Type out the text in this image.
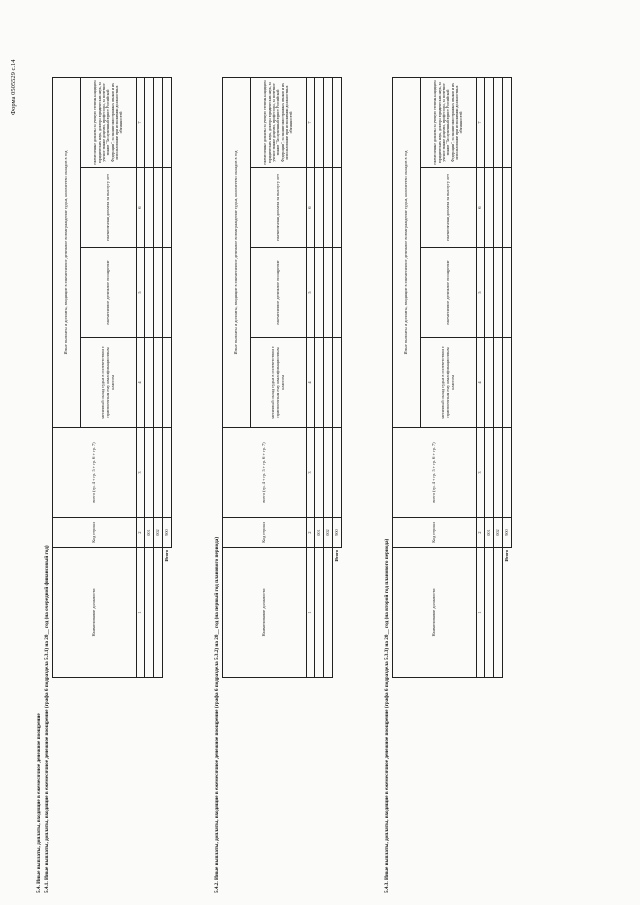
Форма 0505529 с.14
5.4. Иные выплаты, доплаты, входящие в ежемесячное денежное поощрение 5.4.1. Иные выплаты, доплаты, входящие в ежемесячное денежное поощрение (графа 6 подраздела 5.3.1) на 20__ год (на очередной финансовый год)	Наименование должности	Код строки	всего (гр. 4 + гр. 5 + гр. 6 + гр. 7)	Иные выплаты и доплаты, входящие в ежемесячное денежное вознаграждение судьи, количество окладов в год			
			месячный оклад судьи в соответствии с присвоенным ему квалификационным классом	ежемесячное денежное поощрение	ежемесячная доплата за выслугу лет	ежемесячные доплаты за ученую степень кандидата юридических наук, доктора юридических наук, за ученое звание доцента, профессора, за почетное звание "Заслуженный юрист Российской Федерации", за знание иностранных языков и их использование при исполнении должностных обязанностей
1	2	3	4	5	6	7
	001					
	002					
Итого	900					
5.4.2. Иные выплаты, доплаты, входящие в ежемесячное денежное поощрение (графа 6 подраздела 5.3.2) на 20__ год (на первый год планового периода)	Наименование должности	Код строки	всего (гр. 4 + гр. 5 + гр. 6 + гр. 7)	Иные выплаты и доплаты, входящие в ежемесячное денежное вознаграждение судьи, количество окладов в год			
			месячный оклад судьи в соответствии с присвоенным ему квалификационным классом	ежемесячное денежное поощрение	ежемесячная доплата за выслугу лет	ежемесячные доплаты за ученую степень кандидата юридических наук, доктора юридических наук, за ученое звание доцента, профессора, за почетное звание "Заслуженный юрист Российской Федерации", за знание иностранных языков и их использование при исполнении должностных обязанностей
1	2	3	4	5	6	7
	001					
	002					
Итого	900					
5.4.3. Иные выплаты, доплаты, входящие в ежемесячное денежное поощрение (графа 6 подраздела 5.3.3) на 20__ год (на второй год планового периода)	Наименование должности	Код строки	всего (гр. 4 + гр. 5 + гр. 6 + гр. 7)	Иные выплаты и доплаты, входящие в ежемесячное денежное вознаграждение судьи, количество окладов в год			
			месячный оклад судьи в соответствии с присвоенным ему квалификационным классом	ежемесячное денежное поощрение	ежемесячная доплата за выслугу лет	ежемесячные доплаты за ученую степень кандидата юридических наук, доктора юридических наук, за ученое звание доцента, профессора, за почетное звание "Заслуженный юрист Российской Федерации", за знание иностранных языков и их использование при исполнении должностных обязанностей
1	2	3	4	5	6	7
	001					
	002					
Итого	900					
